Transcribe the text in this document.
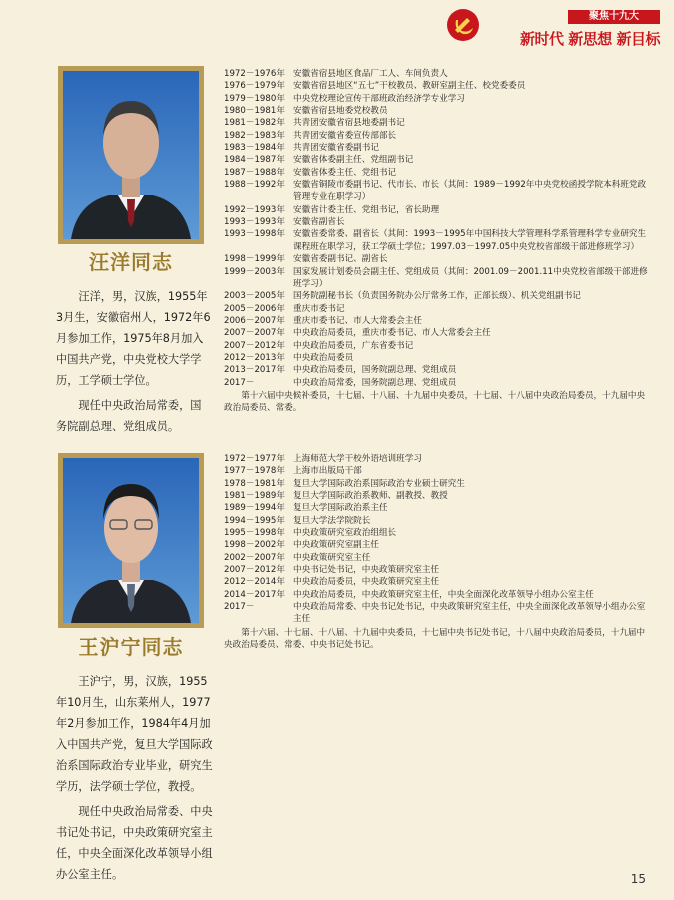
聚焦十九大
新时代 新思想 新目标
汪洋同志

汪洋，男，汉族，1955年3月生，安徽宿州人，1972年6月参加工作，1975年8月加入中国共产党，中央党校大学学历，工学硕士学位。

现任中央政治局常委，国务院副总理、党组成员。

1972－1976年 安徽省宿县地区食品厂工人、车间负责人
1976－1979年 安徽省宿县地区“五七”干校教员、教研室副主任、校党委委员
1979－1980年 中央党校理论宣传干部班政治经济学专业学习
1980－1981年 安徽省宿县地委党校教员
1981－1982年 共青团安徽省宿县地委副书记
1982－1983年 共青团安徽省委宣传部部长
1983－1984年 共青团安徽省委副书记
1984－1987年 安徽省体委副主任、党组副书记
1987－1988年 安徽省体委主任、党组书记
1988－1992年 安徽省铜陵市委副书记、代市长、市长（其间：1989－1992年中央党校函授学院本科班党政管理专业在职学习）
1992－1993年 安徽省计委主任、党组书记，省长助理
1993－1993年 安徽省副省长
1993－1998年 安徽省委常委、副省长（其间：1993－1995年中国科技大学管理科学系管理科学专业研究生课程班在职学习，获工学硕士学位；1997.03－1997.05中央党校省部级干部进修班学习）
1998－1999年 安徽省委副书记、副省长
1999－2003年 国家发展计划委员会副主任、党组成员（其间：2001.09－2001.11中央党校省部级干部进修班学习）
2003－2005年 国务院副秘书长（负责国务院办公厅常务工作，正部长级）、机关党组副书记
2005－2006年 重庆市委书记
2006－2007年 重庆市委书记、市人大常委会主任
2007－2007年 中央政治局委员，重庆市委书记、市人大常委会主任
2007－2012年 中央政治局委员，广东省委书记
2012－2013年 中央政治局委员
2013－2017年 中央政治局委员，国务院副总理、党组成员
2017－	中央政治局常委，国务院副总理、党组成员
第十六届中央候补委员，十七届、十八届、十九届中央委员，十七届、十八届中央政治局委员，十九届中央政治局委员、常委。
王沪宁同志

王沪宁，男，汉族，1955年10月生，山东莱州人，1977年2月参加工作，1984年4月加入中国共产党，复旦大学国际政治系国际政治专业毕业，研究生学历，法学硕士学位，教授。

现任中央政治局常委、中央书记处书记，中央政策研究室主任，中央全面深化改革领导小组办公室主任。

1972－1977年 上海师范大学干校外语培训班学习
1977－1978年 上海市出版局干部
1978－1981年 复旦大学国际政治系国际政治专业硕士研究生
1981－1989年 复旦大学国际政治系教师、副教授、教授
1989－1994年 复旦大学国际政治系主任
1994－1995年 复旦大学法学院院长
1995－1998年 中央政策研究室政治组组长
1998－2002年 中央政策研究室副主任
2002－2007年 中央政策研究室主任
2007－2012年 中央书记处书记，中央政策研究室主任
2012－2014年 中央政治局委员，中央政策研究室主任
2014－2017年 中央政治局委员，中央政策研究室主任，中央全面深化改革领导小组办公室主任
2017－	中央政治局常委、中央书记处书记，中央政策研究室主任，中央全面深化改革领导小组办公室主任
第十六届、十七届、十八届、十九届中央委员，十七届中央书记处书记，十八届中央政治局委员，十九届中央政治局委员、常委、中央书记处书记。
15
